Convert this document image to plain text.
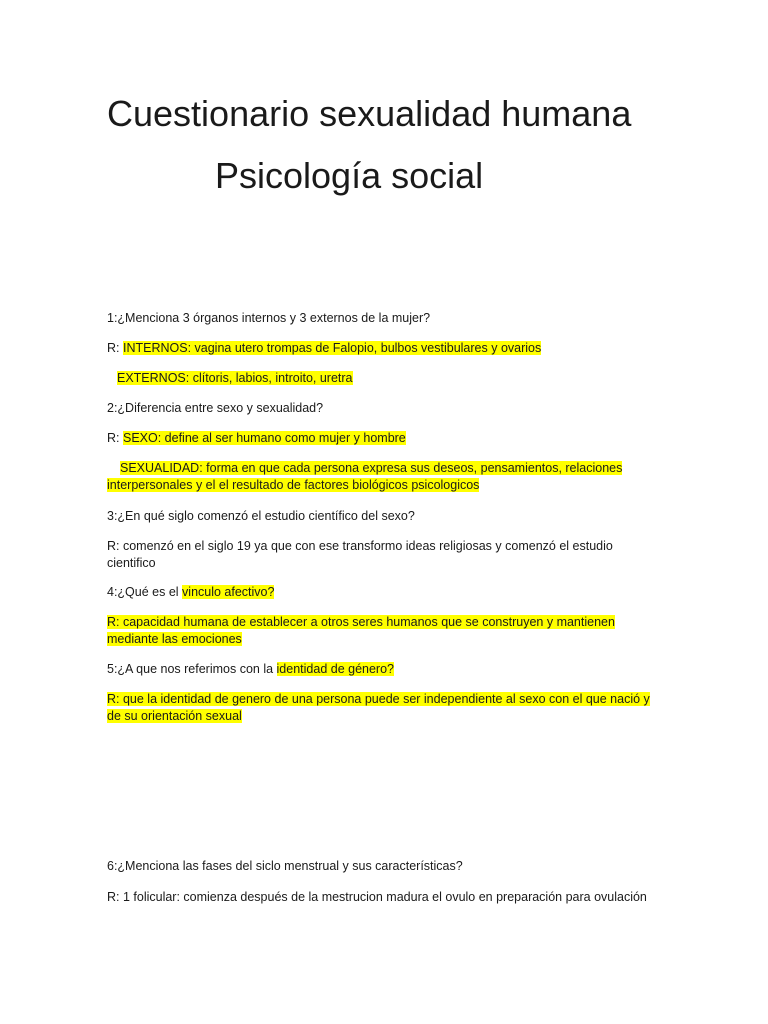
Cuestionario sexualidad humana
Psicología social

1:¿Menciona 3 órganos internos y 3 externos de la mujer?

R: INTERNOS: vagina utero trompas de Falopio, bulbos vestibulares y ovarios

EXTERNOS: clítoris, labios, introito, uretra

2:¿Diferencia entre sexo y sexualidad?

R: SEXO: define al ser humano como mujer y hombre

SEXUALIDAD: forma en que cada persona expresa sus deseos, pensamientos, relaciones interpersonales y el el resultado de factores biológicos psicologicos

3:¿En qué siglo comenzó el estudio científico del sexo?

R: comenzó en el siglo 19 ya que con ese transformo ideas religiosas y comenzó el estudio cientifico

4:¿Qué es el vinculo afectivo?

R: capacidad humana de establecer a otros seres humanos que se construyen y mantienen mediante las emociones

5:¿A que nos referimos con la identidad de género?

R: que la identidad de genero de una persona puede ser independiente al sexo con el que nació y de su orientación sexual

6:¿Menciona las fases del siclo menstrual y sus características?

R: 1 folicular: comienza después de la mestrucion madura el ovulo en preparación para ovulación
